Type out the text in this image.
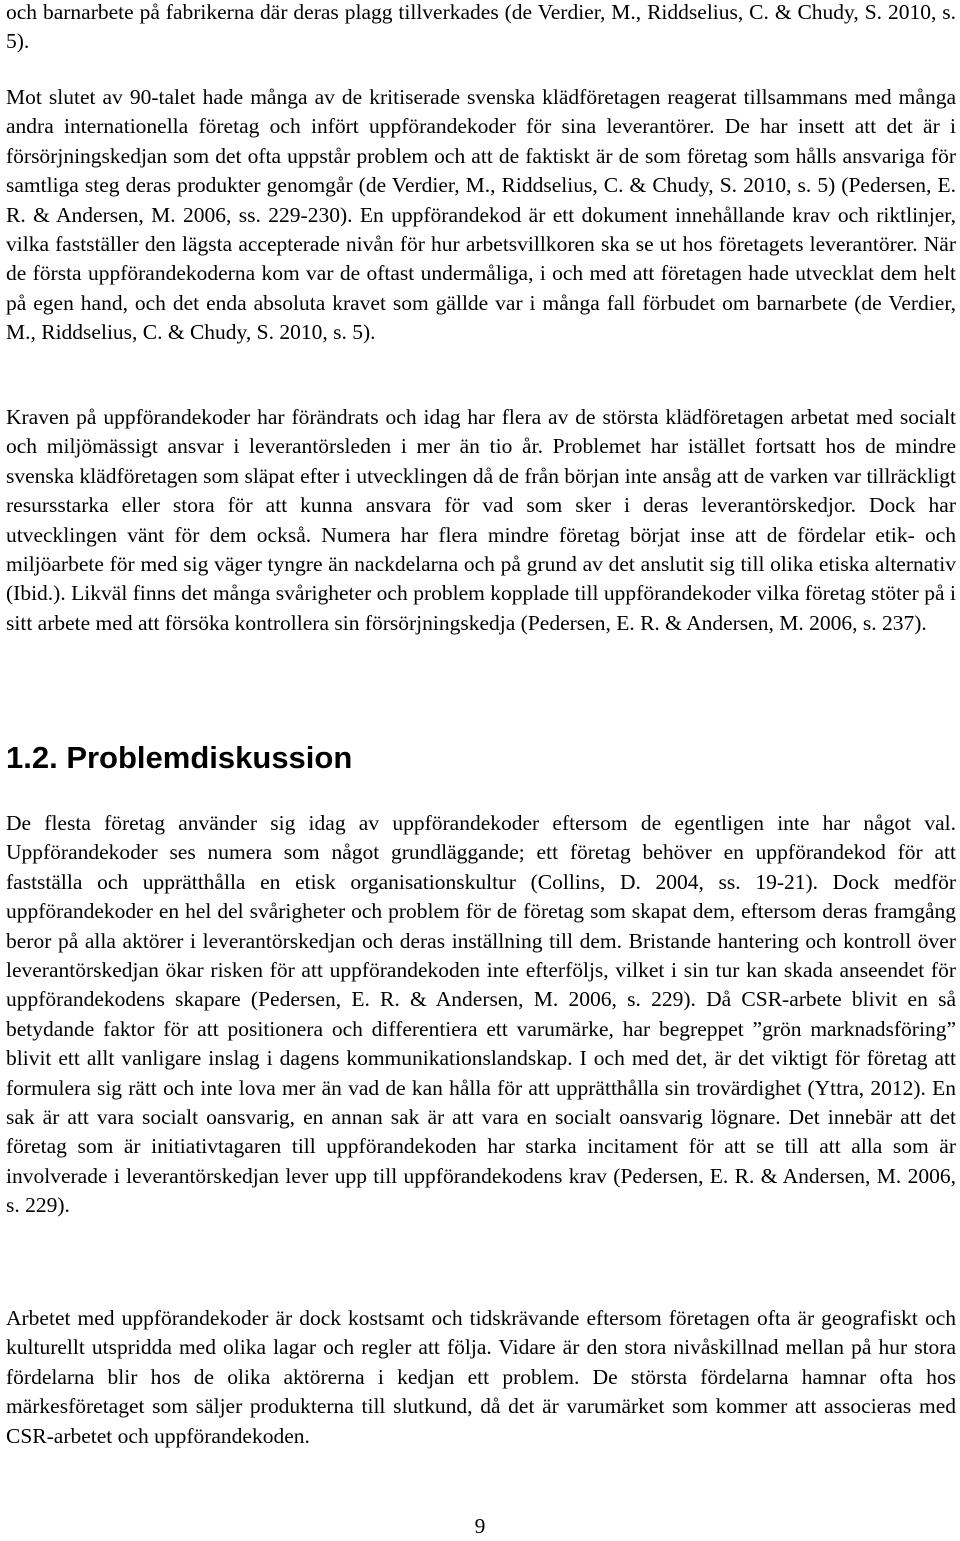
och barnarbete på fabrikerna där deras plagg tillverkades (de Verdier, M., Riddselius, C. & Chudy, S. 2010, s. 5).

Mot slutet av 90-talet hade många av de kritiserade svenska klädföretagen reagerat tillsammans med många andra internationella företag och infört uppförandekoder för sina leverantörer. De har insett att det är i försörjningskedjan som det ofta uppstår problem och att de faktiskt är de som företag som hålls ansvariga för samtliga steg deras produkter genomgår (de Verdier, M., Riddselius, C. & Chudy, S. 2010, s. 5) (Pedersen, E. R. & Andersen, M. 2006, ss. 229-230). En uppförandekod är ett dokument innehållande krav och riktlinjer, vilka fastställer den lägsta accepterade nivån för hur arbetsvillkoren ska se ut hos företagets leverantörer. När de första uppförandekoderna kom var de oftast undermåliga, i och med att företagen hade utvecklat dem helt på egen hand, och det enda absoluta kravet som gällde var i många fall förbudet om barnarbete (de Verdier, M., Riddselius, C. & Chudy, S. 2010, s. 5).

Kraven på uppförandekoder har förändrats och idag har flera av de största klädföretagen arbetat med socialt och miljömässigt ansvar i leverantörsleden i mer än tio år. Problemet har istället fortsatt hos de mindre svenska klädföretagen som släpat efter i utvecklingen då de från början inte ansåg att de varken var tillräckligt resursstarka eller stora för att kunna ansvara för vad som sker i deras leverantörskedjor. Dock har utvecklingen vänt för dem också. Numera har flera mindre företag börjat inse att de fördelar etik- och miljöarbete för med sig väger tyngre än nackdelarna och på grund av det anslutit sig till olika etiska alternativ (Ibid.). Likväl finns det många svårigheter och problem kopplade till uppförandekoder vilka företag stöter på i sitt arbete med att försöka kontrollera sin försörjningskedja (Pedersen, E. R. & Andersen, M. 2006, s. 237).

1.2. Problemdiskussion

De flesta företag använder sig idag av uppförandekoder eftersom de egentligen inte har något val. Uppförandekoder ses numera som något grundläggande; ett företag behöver en uppförandekod för att fastställa och upprätthålla en etisk organisationskultur (Collins, D. 2004, ss. 19-21). Dock medför uppförandekoder en hel del svårigheter och problem för de företag som skapat dem, eftersom deras framgång beror på alla aktörer i leverantörskedjan och deras inställning till dem. Bristande hantering och kontroll över leverantörskedjan ökar risken för att uppförandekoden inte efterföljs, vilket i sin tur kan skada anseendet för uppförandekodens skapare (Pedersen, E. R. & Andersen, M. 2006, s. 229). Då CSR-arbete blivit en så betydande faktor för att positionera och differentiera ett varumärke, har begreppet ”grön marknadsföring” blivit ett allt vanligare inslag i dagens kommunikationslandskap. I och med det, är det viktigt för företag att formulera sig rätt och inte lova mer än vad de kan hålla för att upprätthålla sin trovärdighet (Yttra, 2012). En sak är att vara socialt oansvarig, en annan sak är att vara en socialt oansvarig lögnare. Det innebär att det företag som är initiativtagaren till uppförandekoden har starka incitament för att se till att alla som är involverade i leverantörskedjan lever upp till uppförandekodens krav (Pedersen, E. R. & Andersen, M. 2006, s. 229).

Arbetet med uppförandekoder är dock kostsamt och tidskrävande eftersom företagen ofta är geografiskt och kulturellt utspridda med olika lagar och regler att följa. Vidare är den stora nivåskillnad mellan på hur stora fördelarna blir hos de olika aktörerna i kedjan ett problem. De största fördelarna hamnar ofta hos märkesföretaget som säljer produkterna till slutkund, då det är varumärket som kommer att associeras med CSR-arbetet och uppförandekoden.

9
